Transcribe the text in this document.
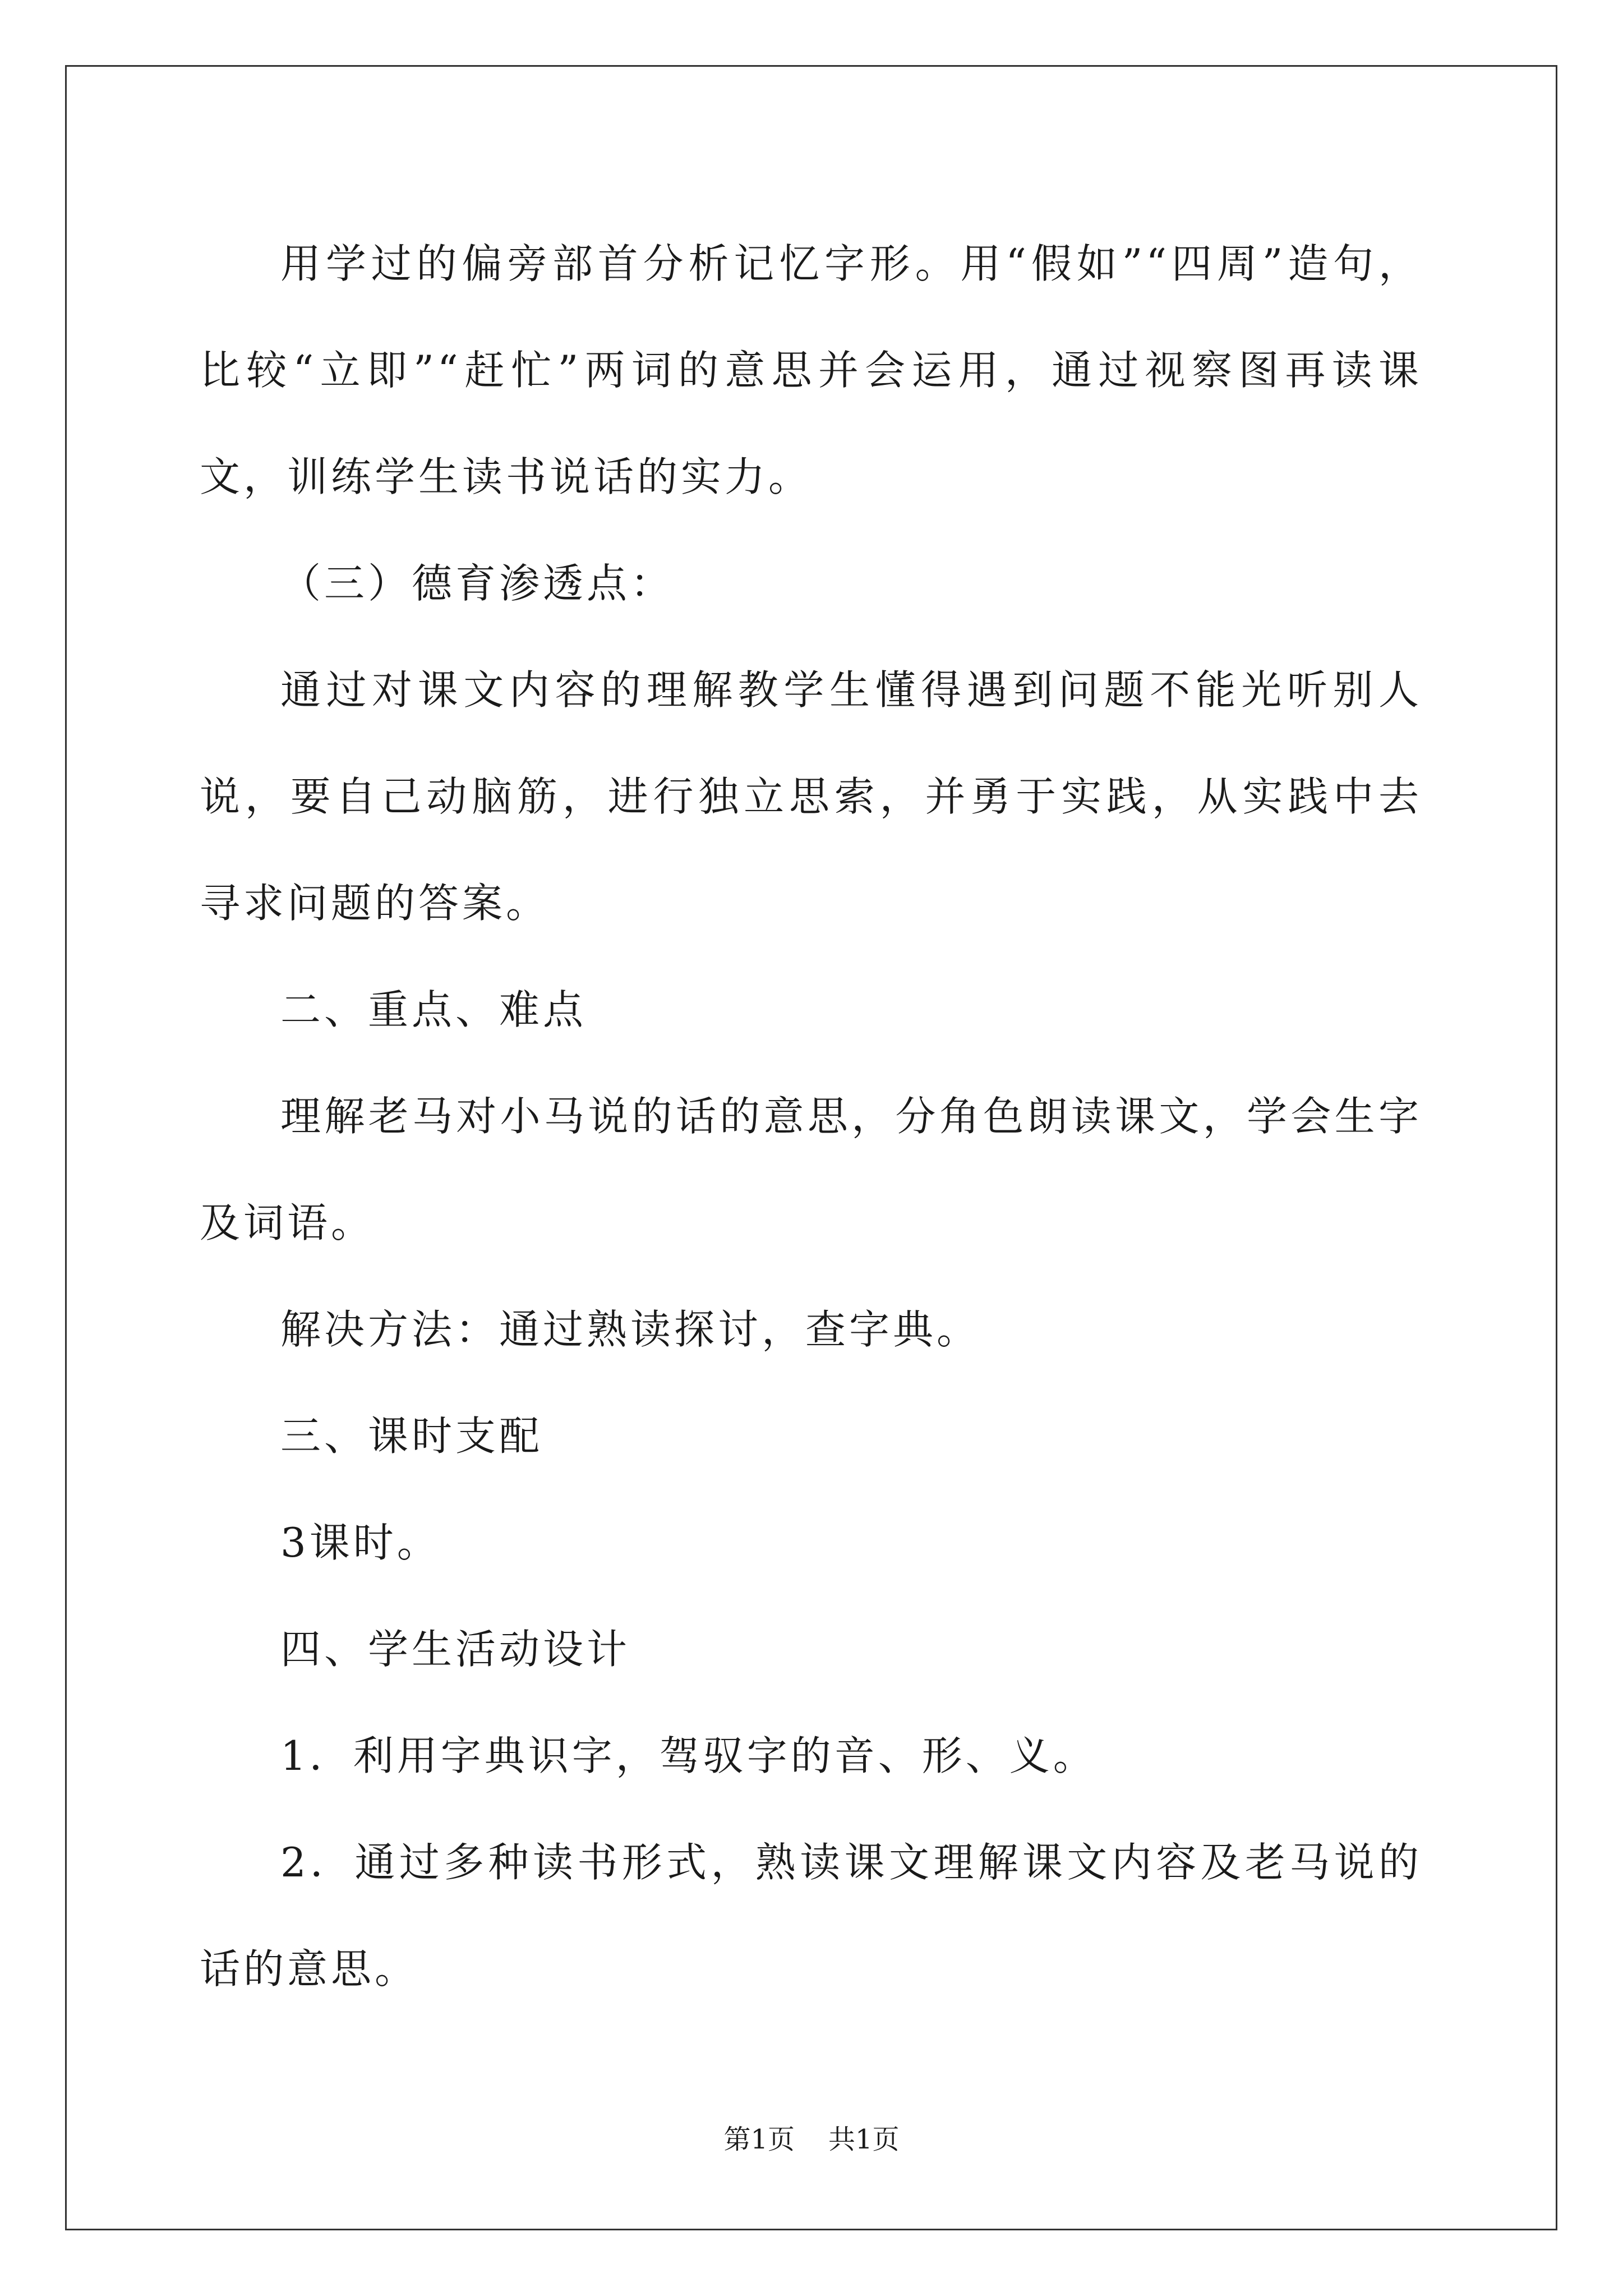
用学过的偏旁部首分析记忆字形。用“假如”“四周”造句，比较“立即”“赶忙”两词的意思并会运用，通过视察图再读课文，训练学生读书说话的实力。

（三）德育渗透点：

通过对课文内容的理解教学生懂得遇到问题不能光听别人说，要自己动脑筋，进行独立思索，并勇于实践，从实践中去寻求问题的答案。

二、重点、难点

理解老马对小马说的话的意思，分角色朗读课文，学会生字及词语。

解决方法：通过熟读探讨，查字典。

三、课时支配

3课时。

四、学生活动设计

1．利用字典识字，驾驭字的音、形、义。

2．通过多种读书形式，熟读课文理解课文内容及老马说的话的意思。

第1页 共1页
